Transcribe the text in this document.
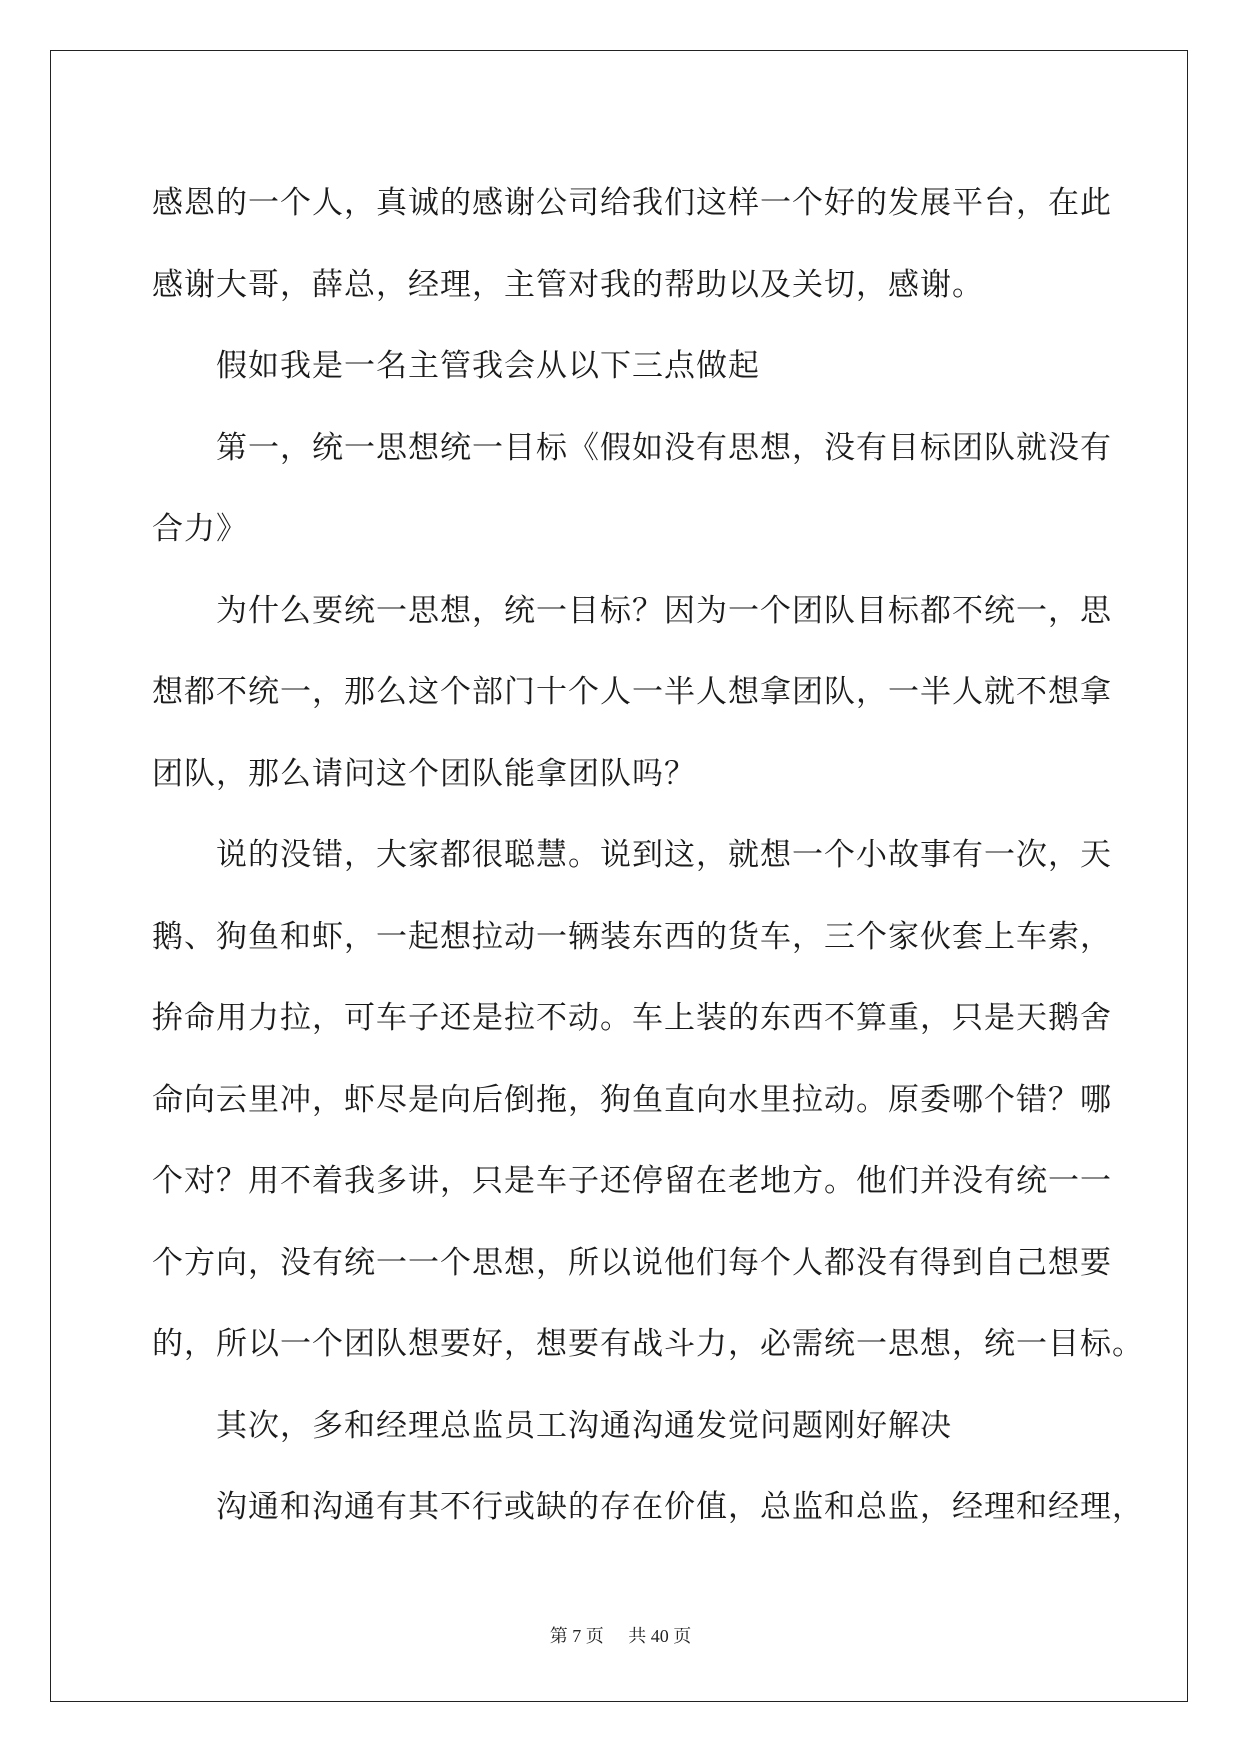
感恩的一个人，真诚的感谢公司给我们这样一个好的发展平台，在此

感谢大哥，薛总，经理，主管对我的帮助以及关切，感谢。

假如我是一名主管我会从以下三点做起

第一，统一思想统一目标《假如没有思想，没有目标团队就没有

合力》

为什么要统一思想，统一目标？因为一个团队目标都不统一，思

想都不统一，那么这个部门十个人一半人想拿团队，一半人就不想拿

团队，那么请问这个团队能拿团队吗？

说的没错，大家都很聪慧。说到这，就想一个小故事有一次，天

鹅、狗鱼和虾，一起想拉动一辆装东西的货车，三个家伙套上车索，

拚命用力拉，可车子还是拉不动。车上装的东西不算重，只是天鹅舍

命向云里冲，虾尽是向后倒拖，狗鱼直向水里拉动。原委哪个错？哪

个对？用不着我多讲，只是车子还停留在老地方。他们并没有统一一

个方向，没有统一一个思想，所以说他们每个人都没有得到自己想要

的，所以一个团队想要好，想要有战斗力，必需统一思想，统一目标。

其次，多和经理总监员工沟通沟通发觉问题刚好解决

沟通和沟通有其不行或缺的存在价值，总监和总监，经理和经理，

第 7 页 共 40 页
